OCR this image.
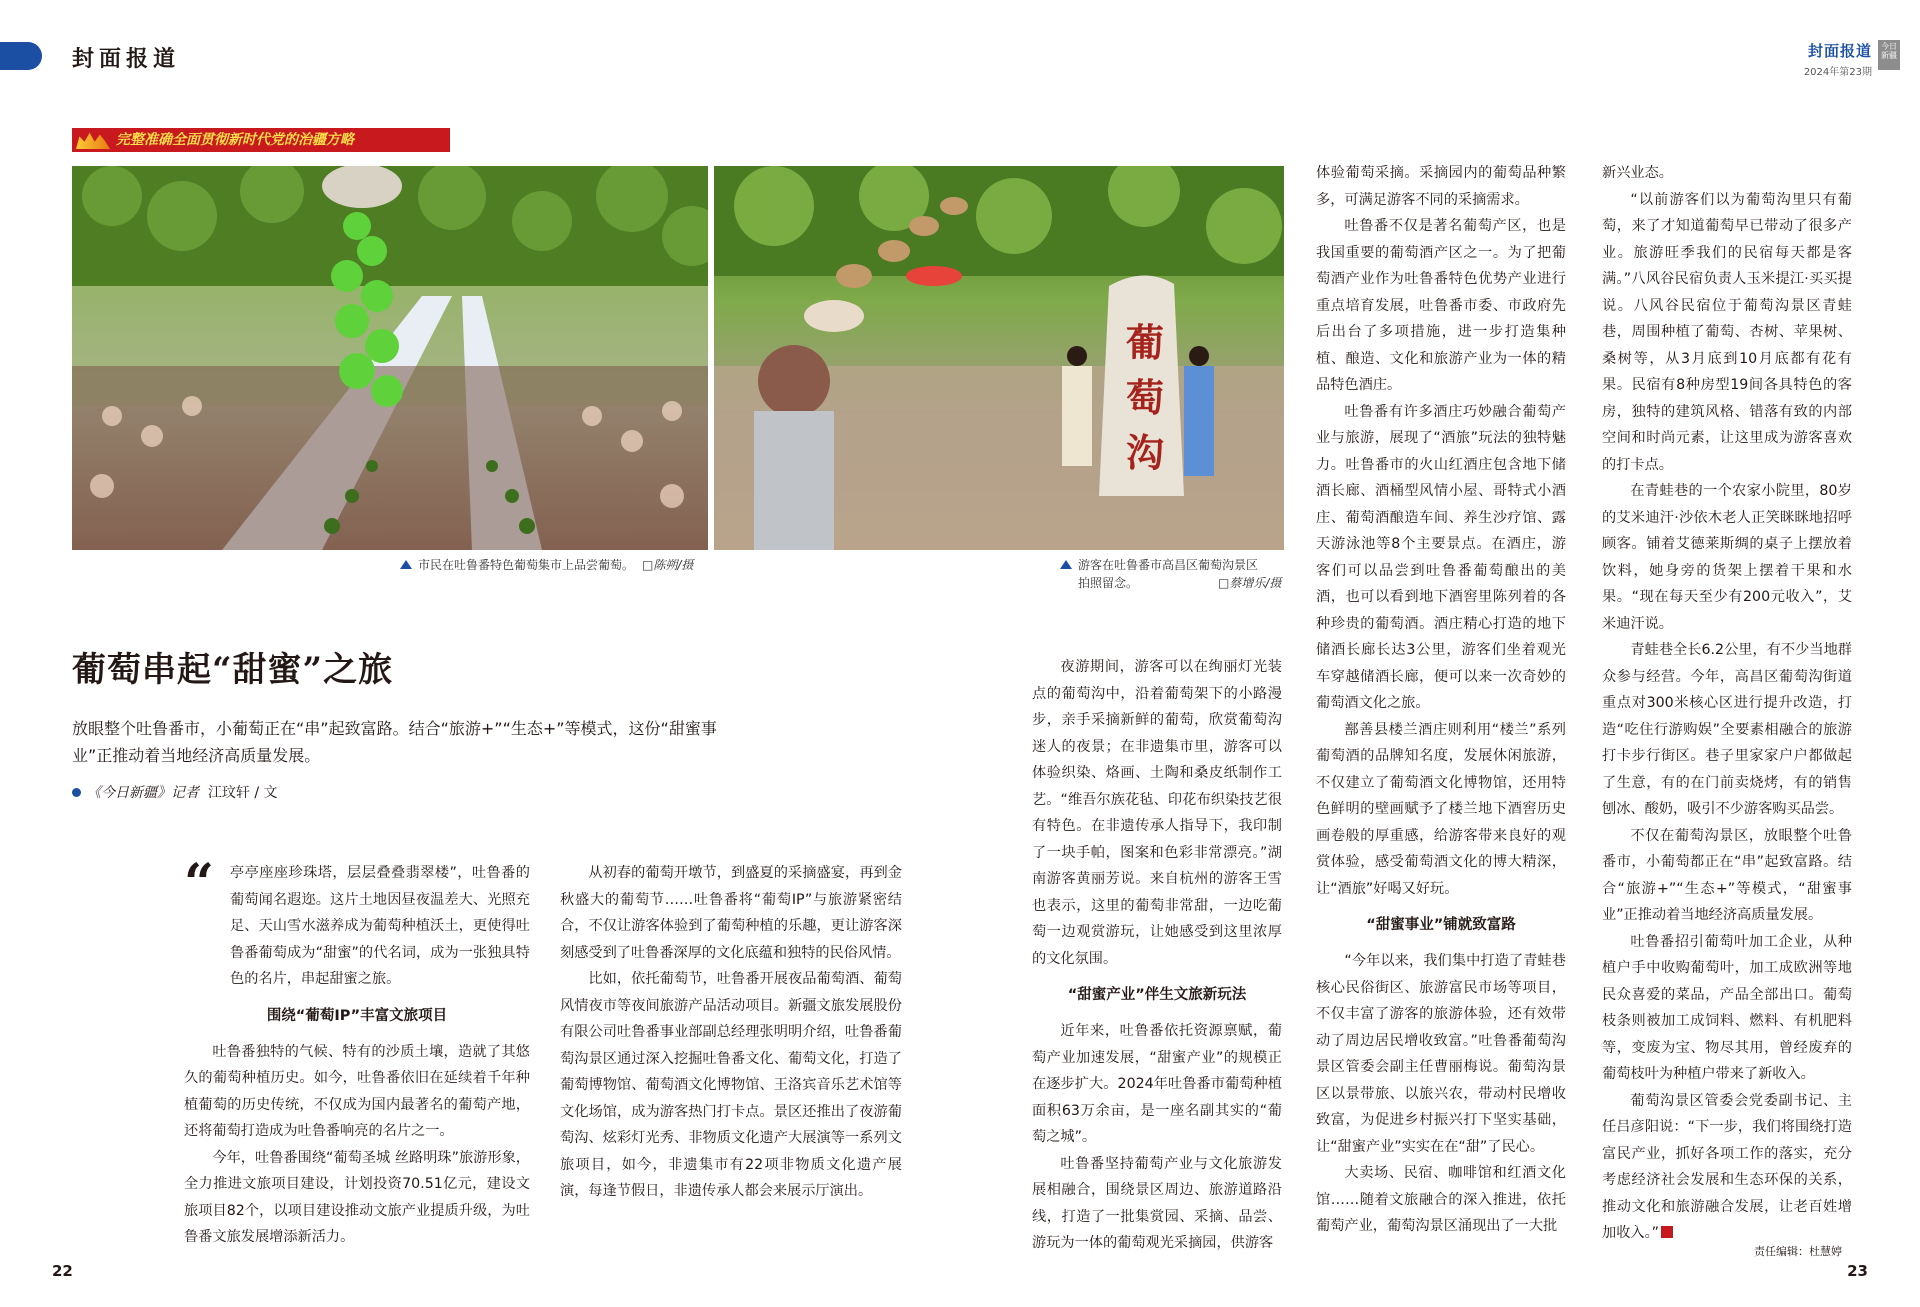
封面报道	封面报道
2024年第23期
今日新疆
完整准确全面贯彻新时代党的治疆方略
市民在吐鲁番特色葡萄集市上品尝葡萄。 □陈朔/摄
葡
萄
沟
游客在吐鲁番市高昌区葡萄沟景区
拍照留念。	□蔡增乐/摄
葡萄串起“甜蜜”之旅
放眼整个吐鲁番市，小葡萄正在“串”起致富路。结合“旅游+”“生态+”等模式，这份“甜蜜事业”正推动着当地经济高质量发展。
《今日新疆》记者 江玟轩 / 文
“	亭亭座座珍珠塔，层层叠叠翡翠楼”，吐鲁番的葡萄闻名遐迩。这片土地因昼夜温差大、光照充足、天山雪水滋养成为葡萄种植沃土，更使得吐鲁番葡萄成为“甜蜜”的代名词，成为一张独具特色的名片，串起甜蜜之旅。

围绕“葡萄IP”丰富文旅项目

吐鲁番独特的气候、特有的沙质土壤，造就了其悠久的葡萄种植历史。如今，吐鲁番依旧在延续着千年种植葡萄的历史传统，不仅成为国内最著名的葡萄产地，还将葡萄打造成为吐鲁番响亮的名片之一。

今年，吐鲁番围绕“葡萄圣城 丝路明珠”旅游形象，全力推进文旅项目建设，计划投资70.51亿元，建设文旅项目82个，以项目建设推动文旅产业提质升级，为吐鲁番文旅发展增添新活力。

从初春的葡萄开墩节，到盛夏的采摘盛宴，再到金秋盛大的葡萄节……吐鲁番将“葡萄IP”与旅游紧密结合，不仅让游客体验到了葡萄种植的乐趣，更让游客深刻感受到了吐鲁番深厚的文化底蕴和独特的民俗风情。

比如，依托葡萄节，吐鲁番开展夜品葡萄酒、葡萄风情夜市等夜间旅游产品活动项目。新疆文旅发展股份有限公司吐鲁番事业部副总经理张明明介绍，吐鲁番葡萄沟景区通过深入挖掘吐鲁番文化、葡萄文化，打造了葡萄博物馆、葡萄酒文化博物馆、王洛宾音乐艺术馆等文化场馆，成为游客热门打卡点。景区还推出了夜游葡萄沟、炫彩灯光秀、非物质文化遗产大展演等一系列文旅项目，如今，非遗集市有22项非物质文化遗产展演，每逢节假日，非遗传承人都会来展示厅演出。

夜游期间，游客可以在绚丽灯光装点的葡萄沟中，沿着葡萄架下的小路漫步，亲手采摘新鲜的葡萄，欣赏葡萄沟迷人的夜景；在非遗集市里，游客可以体验织染、烙画、土陶和桑皮纸制作工艺。“维吾尔族花毡、印花布织染技艺很有特色。在非遗传承人指导下，我印制了一块手帕，图案和色彩非常漂亮。”湖南游客黄丽芳说。来自杭州的游客王雪也表示，这里的葡萄非常甜，一边吃葡萄一边观赏游玩，让她感受到这里浓厚的文化氛围。

“甜蜜产业”伴生文旅新玩法

近年来，吐鲁番依托资源禀赋，葡萄产业加速发展，“甜蜜产业”的规模正在逐步扩大。2024年吐鲁番市葡萄种植面积63万余亩，是一座名副其实的“葡萄之城”。

吐鲁番坚持葡萄产业与文化旅游发展相融合，围绕景区周边、旅游道路沿线，打造了一批集赏园、采摘、品尝、游玩为一体的葡萄观光采摘园，供游客

体验葡萄采摘。采摘园内的葡萄品种繁多，可满足游客不同的采摘需求。

吐鲁番不仅是著名葡萄产区，也是我国重要的葡萄酒产区之一。为了把葡萄酒产业作为吐鲁番特色优势产业进行重点培育发展，吐鲁番市委、市政府先后出台了多项措施，进一步打造集种植、酿造、文化和旅游产业为一体的精品特色酒庄。

吐鲁番有许多酒庄巧妙融合葡萄产业与旅游，展现了“酒旅”玩法的独特魅力。吐鲁番市的火山红酒庄包含地下储酒长廊、酒桶型风情小屋、哥特式小酒庄、葡萄酒酿造车间、养生沙疗馆、露天游泳池等8个主要景点。在酒庄，游客们可以品尝到吐鲁番葡萄酿出的美酒，也可以看到地下酒窖里陈列着的各种珍贵的葡萄酒。酒庄精心打造的地下储酒长廊长达3公里，游客们坐着观光车穿越储酒长廊，便可以来一次奇妙的葡萄酒文化之旅。

鄯善县楼兰酒庄则利用“楼兰”系列葡萄酒的品牌知名度，发展休闲旅游，不仅建立了葡萄酒文化博物馆，还用特色鲜明的壁画赋予了楼兰地下酒窖历史画卷般的厚重感，给游客带来良好的观赏体验，感受葡萄酒文化的博大精深，让“酒旅”好喝又好玩。

“甜蜜事业”铺就致富路

“今年以来，我们集中打造了青蛙巷核心民俗街区、旅游富民市场等项目，不仅丰富了游客的旅游体验，还有效带动了周边居民增收致富。”吐鲁番葡萄沟景区管委会副主任曹丽梅说。葡萄沟景区以景带旅、以旅兴农，带动村民增收致富，为促进乡村振兴打下坚实基础，让“甜蜜产业”实实在在“甜”了民心。

大卖场、民宿、咖啡馆和红酒文化馆……随着文旅融合的深入推进，依托葡萄产业，葡萄沟景区涌现出了一大批

新兴业态。

“以前游客们以为葡萄沟里只有葡萄，来了才知道葡萄早已带动了很多产业。旅游旺季我们的民宿每天都是客满。”八风谷民宿负责人玉米提江·买买提说。八风谷民宿位于葡萄沟景区青蛙巷，周围种植了葡萄、杏树、苹果树、桑树等，从3月底到10月底都有花有果。民宿有8种房型19间各具特色的客房，独特的建筑风格、错落有致的内部空间和时尚元素，让这里成为游客喜欢的打卡点。

在青蛙巷的一个农家小院里，80岁的艾米迪汗·沙依木老人正笑眯眯地招呼顾客。铺着艾德莱斯绸的桌子上摆放着饮料，她身旁的货架上摆着干果和水果。“现在每天至少有200元收入”，艾米迪汗说。

青蛙巷全长6.2公里，有不少当地群众参与经营。今年，高昌区葡萄沟街道重点对300米核心区进行提升改造，打造“吃住行游购娱”全要素相融合的旅游打卡步行街区。巷子里家家户户都做起了生意，有的在门前卖烧烤，有的销售刨冰、酸奶，吸引不少游客购买品尝。

不仅在葡萄沟景区，放眼整个吐鲁番市，小葡萄都正在“串”起致富路。结合“旅游+”“生态+”等模式，“甜蜜事业”正推动着当地经济高质量发展。

吐鲁番招引葡萄叶加工企业，从种植户手中收购葡萄叶，加工成欧洲等地民众喜爱的菜品，产品全部出口。葡萄枝条则被加工成饲料、燃料、有机肥料等，变废为宝、物尽其用，曾经废弃的葡萄枝叶为种植户带来了新收入。

葡萄沟景区管委会党委副书记、主任吕彦阳说：“下一步，我们将围绕打造富民产业，抓好各项工作的落实，充分考虑经济社会发展和生态环保的关系，推动文化和旅游融合发展，让老百姓增加收入。”

22	23
责任编辑：杜慧婷
